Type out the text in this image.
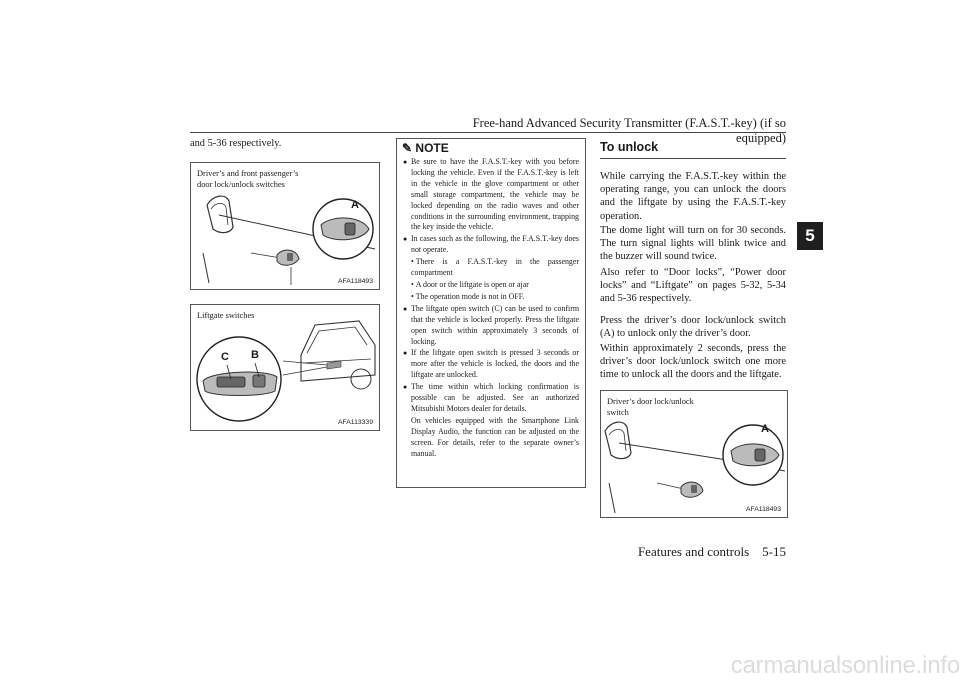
Free-hand Advanced Security Transmitter (F.A.S.T.-key) (if so equipped)
5
and 5-36 respectively.
Driver’s and front passenger’s
door lock/unlock switches
A
AFA118493
Liftgate switches
C B
AFA113339
✎ NOTE
● Be sure to have the F.A.S.T.-key with you before locking the vehicle. Even if the F.A.S.T.-key is left in the vehicle in the glove compartment or other small storage compartment, the vehicle may be locked depending on the radio waves and other conditions in the surrounding environment, trapping the key inside the vehicle.
● In cases such as the following, the F.A.S.T.-key does not operate.
• There is a F.A.S.T.-key in the passenger compartment
• A door or the liftgate is open or ajar
• The operation mode is not in OFF.
● The liftgate open switch (C) can be used to confirm that the vehicle is locked properly. Press the liftgate open switch within approximately 3 seconds of locking.
● If the liftgate open switch is pressed 3 seconds or more after the vehicle is locked, the doors and the liftgate are unlocked.
● The time within which locking confirmation is possible can be adjusted. See an authorized Mitsubishi Motors dealer for details.
On vehicles equipped with the Smartphone Link Display Audio, the function can be adjusted on the screen. For details, refer to the separate owner’s manual.
To unlock
While carrying the F.A.S.T.-key within the operating range, you can unlock the doors and the liftgate by using the F.A.S.T.-key operation.
The dome light will turn on for 30 seconds. The turn signal lights will blink twice and the buzzer will sound twice.
Also refer to “Door locks”, “Power door locks” and “Liftgate” on pages 5-32, 5-34 and 5-36 respectively.
Press the driver’s door lock/unlock switch (A) to unlock only the driver’s door.
Within approximately 2 seconds, press the driver’s door lock/unlock switch one more time to unlock all the doors and the liftgate.
Driver’s door lock/unlock
switch
A
AFA118493
Features and controls 5-15
carmanualsonline.info
